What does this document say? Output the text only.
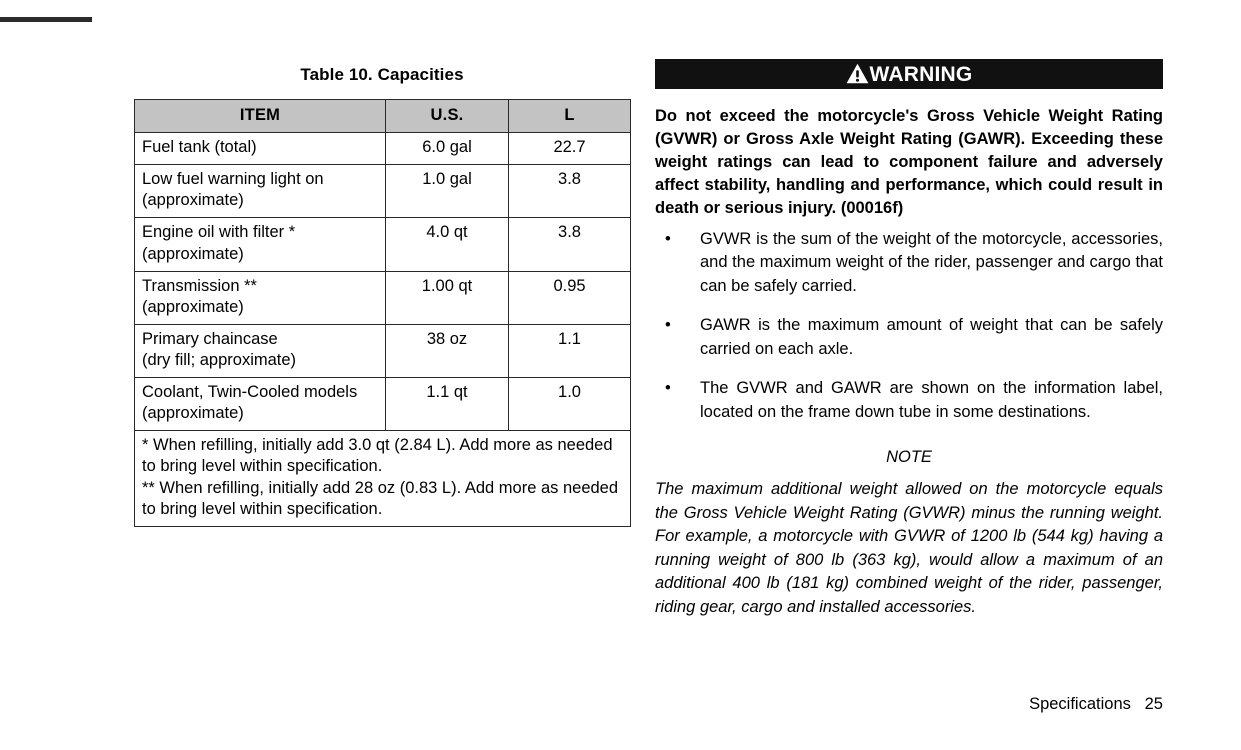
Table 10. Capacities
ITEM	U.S.	L
Fuel tank (total)	6.0 gal	22.7
Low fuel warning light on
(approximate)	1.0 gal	3.8
Engine oil with filter *
(approximate)	4.0 qt	3.8
Transmission **
(approximate)	1.00 qt	0.95
Primary chaincase
(dry fill; approximate)	38 oz	1.1
Coolant, Twin-Cooled models
(approximate)	1.1 qt	1.0

* When refilling, initially add 3.0 qt (2.84 L). Add more as needed to bring level within specification.
** When refilling, initially add 28 oz (0.83 L). Add more as needed to bring level within specification.		
WARNING
Do not exceed the motorcycle's Gross Vehicle Weight Rating (GVWR) or Gross Axle Weight Rating (GAWR). Exceeding these weight ratings can lead to component failure and adversely affect stability, handling and performance, which could result in death or serious injury. (00016f)
•	GVWR is the sum of the weight of the motorcycle, accessories, and the maximum weight of the rider, passenger and cargo that can be safely carried.
•	GAWR is the maximum amount of weight that can be safely carried on each axle.
•	The GVWR and GAWR are shown on the information label, located on the frame down tube in some destinations.
NOTE
The maximum additional weight allowed on the motorcycle equals the Gross Vehicle Weight Rating (GVWR) minus the running weight. For example, a motorcycle with GVWR of 1200 lb (544 kg) having a running weight of 800 lb (363 kg), would allow a maximum of an additional 400 lb (181 kg) combined weight of the rider, passenger, riding gear, cargo and installed accessories.
Specifications   25
